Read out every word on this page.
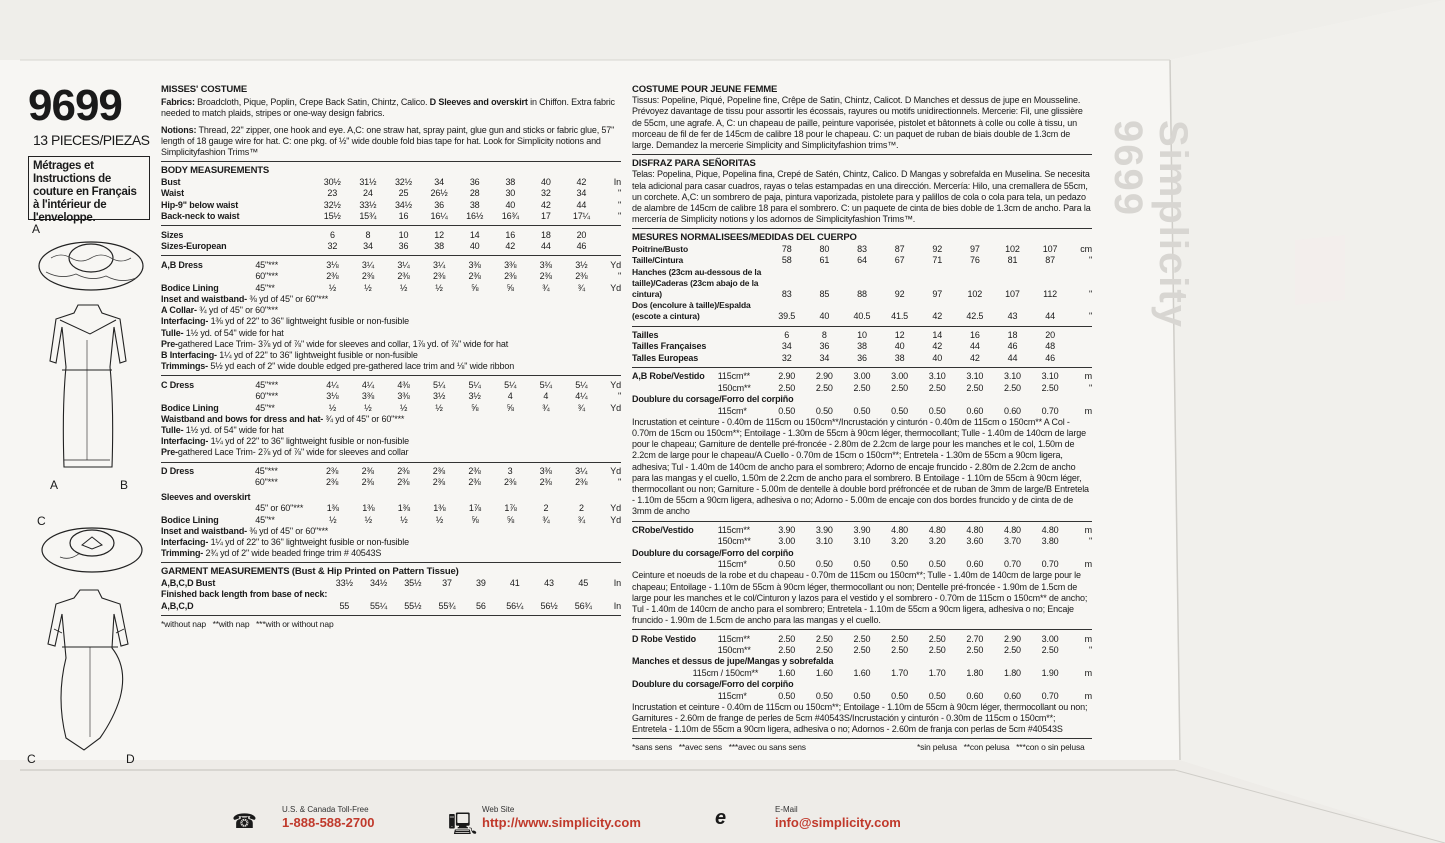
Simplicity 9699
9699
13 PIECES/PIEZAS
Métrages et Instructions de couture en Français à l'intérieur de l'enveloppe.
A
A	B
C
C	D
MISSES' COSTUME
Fabrics: Broadcloth, Pique, Poplin, Crepe Back Satin, Chintz, Calico. D Sleeves and overskirt in Chiffon. Extra fabric needed to match plaids, stripes or one-way design fabrics.
Notions: Thread, 22" zipper, one hook and eye. A,C: one straw hat, spray paint, glue gun and sticks or fabric glue, 57" length of 18 gauge wire for hat. C: one pkg. of ½" wide double fold bias tape for hat. Look for Simplicity notions and Simplicityfashion Trims™
BODY MEASUREMENTS
Bust	30½	31½	32½	34	36	38	40	42	In
Waist	23	24	25	26½	28	30	32	34	"
Hip-9" below waist	32½	33½	34½	36	38	40	42	44	"
Back-neck to waist	15½	15¾	16	16¼	16½	16¾	17	17¼	"
Sizes	6	8	10	12	14	16	18	20	
Sizes-European	32	34	36	38	40	42	44	46	
A,B Dress	45"***	3⅛	3¼	3¼	3¼	3⅜	3⅜	3⅜	3½	Yd
	60"***	2⅜	2⅜	2⅜	2⅜	2⅜	2⅜	2⅜	2⅜	"
Bodice Lining	45"**	½	½	½	½	⅝	⅝	¾	¾	Yd
Inset and waistband- ⅜ yd of 45" or 60"***
A Collar- ¾ yd of 45" or 60"***
Interfacing- 1⅜ yd of 22" to 36" lightweight fusible or non-fusible
Tulle- 1½ yd. of 54" wide for hat
Pre-gathered Lace Trim- 3⅞ yd of ⅞" wide for sleeves and collar, 1⅞ yd. of ⅞" wide for hat
B Interfacing- 1¼ yd of 22" to 36" lightweight fusible or non-fusible
Trimmings- 5½ yd each of 2" wide double edged pre-gathered lace trim and ⅛" wide ribbon
C Dress	45"***	4¼	4¼	4⅜	5¼	5¼	5¼	5¼	5¼	Yd
	60"***	3⅛	3⅜	3⅜	3½	3½	4	4	4¼	"
Bodice Lining	45"**	½	½	½	½	⅝	⅝	¾	¾	Yd
Waistband and bows for dress and hat- ¾ yd of 45" or 60"***
Tulle- 1½ yd. of 54" wide for hat
Interfacing- 1¼ yd of 22" to 36" lightweight fusible or non-fusible
Pre-gathered Lace Trim- 2⅞ yd of ⅞" wide for sleeves and collar
D Dress	45"***	2⅜	2⅜	2⅜	2⅜	2⅜	3	3⅜	3¼	Yd
	60"***	2⅜	2⅜	2⅜	2⅜	2⅜	2⅜	2⅜	2⅜	"
Sleeves and overskirt
	45" or 60"***	1⅜	1⅜	1⅜	1⅜	1⅞	1⅞	2	2	Yd
Bodice Lining	45"**	½	½	½	½	⅝	⅝	¾	¾	Yd
Inset and waistband- ⅜ yd of 45" or 60"***
Interfacing- 1¼ yd of 22" to 36" lightweight fusible or non-fusible
Trimming- 2¾ yd of 2" wide beaded fringe trim # 40543S
GARMENT MEASUREMENTS (Bust & Hip Printed on Pattern Tissue)
A,B,C,D Bust	33½	34½	35½	37	39	41	43	45	In
Finished back length from base of neck:									
A,B,C,D	55	55¼	55½	55¾	56	56¼	56½	56¾	In
*without nap   **with nap   ***with or without nap
COSTUME POUR JEUNE FEMME
Tissus: Popeline, Piqué, Popeline fine, Crêpe de Satin, Chintz, Calicot. D Manches et dessus de jupe en Mousseline. Prévoyez davantage de tissu pour assortir les écossais, rayures ou motifs unidirectionnels. Mercerie: Fil, une glissière de 55cm, une agrafe. A, C: un chapeau de paille, peinture vaporisée, pistolet et bâtonnets à colle ou colle à tissu, un morceau de fil de fer de 145cm de calibre 18 pour le chapeau. C: un paquet de ruban de biais double de 1.3cm de large. Demandez la mercerie Simplicity and Simplicityfashion trims™.
DISFRAZ PARA SEÑORITAS
Telas: Popelina, Pique, Popelina fina, Crepé de Satén, Chintz, Calico. D Mangas y sobrefalda en Muselina. Se necesita tela adicional para casar cuadros, rayas o telas estampadas en una dirección. Mercería: Hilo, una cremallera de 55cm, un corchete. A,C: un sombrero de paja, pintura vaporizada, pistolete para y palillos de cola o cola para tela, un pedazo de alambre de 145cm de calibre 18 para el sombrero. C: un paquete de cinta de bies doble de 1.3cm de ancho. Para la mercería de Simplicity notions y los adornos de Simplicityfashion Trims™.
MESURES NORMALISEES/MEDIDAS DEL CUERPO
Poitrine/Busto	78	80	83	87	92	97	102	107	cm
Taille/Cintura	58	61	64	67	71	76	81	87	"
Hanches (23cm au-dessous de la taille)/Caderas (23cm abajo de la cintura)	83	85	88	92	97	102	107	112	"
Dos (encolure à taille)/Espalda (escote a cintura)	39.5	40	40.5	41.5	42	42.5	43	44	"
Tailles	6	8	10	12	14	16	18	20	
Tailles Françaises	34	36	38	40	42	44	46	48	
Talles Europeas	32	34	36	38	40	42	44	46	
A,B Robe/Vestido	115cm**	2.90	2.90	3.00	3.00	3.10	3.10	3.10	3.10	m
	150cm**	2.50	2.50	2.50	2.50	2.50	2.50	2.50	2.50	"
Doublure du corsage/Forro del corpiño
	115cm*	0.50	0.50	0.50	0.50	0.50	0.60	0.60	0.70	m
Incrustation et ceinture - 0.40m de 115cm ou 150cm**/Incrustación y cinturón - 0.40m de 115cm o 150cm** A Col - 0.70m de 15cm ou 150cm**; Entoilage - 1.30m de 55cm à 90cm léger, thermocollant; Tulle - 1.40m de 140cm de large pour le chapeau; Garniture de dentelle pré-froncée - 2.80m de 2.2cm de large pour les manches et le col, 1.50m de 2.2cm de large pour le chapeau/A Cuello - 0.70m de 15cm o 150cm**; Entretela - 1.30m de 55cm a 90cm ligera, adhesiva; Tul - 1.40m de 140cm de ancho para el sombrero; Adorno de encaje fruncido - 2.80m de 2.2cm de ancho para las mangas y el cuello, 1.50m de 2.2cm de ancho para el sombrero. B Entoilage - 1.10m de 55cm à 90cm léger, thermocollant ou non; Garniture - 5.00m de dentelle à double bord préfroncée et de ruban de 3mm de large/B Entretela - 1.10m de 55cm a 90cm ligera, adhesiva o no; Adorno - 5.00m de encaje con dos bordes fruncido y de cinta de de 3mm de ancho
CRobe/Vestido	115cm**	3.90	3.90	3.90	4.80	4.80	4.80	4.80	4.80	m
	150cm**	3.00	3.10	3.10	3.20	3.20	3.60	3.70	3.80	"
Doublure du corsage/Forro del corpiño
	115cm*	0.50	0.50	0.50	0.50	0.50	0.60	0.70	0.70	m
Ceinture et noeuds de la robe et du chapeau - 0.70m de 115cm ou 150cm**; Tulle - 1.40m de 140cm de large pour le chapeau; Entoilage - 1.10m de 55cm à 90cm léger, thermocollant ou non; Dentelle pré-froncée - 1.90m de 1.5cm de large pour les manches et le col/Cinturon y lazos para el vestido y el sombrero - 0.70m de 115cm o 150cm** de ancho; Tul - 1.40m de 140cm de ancho para el sombrero; Entretela - 1.10m de 55cm a 90cm ligera, adhesiva o no; Encaje fruncido - 1.90m de 1.5cm de ancho para las mangas y el cuello.
D Robe Vestido	115cm**	2.50	2.50	2.50	2.50	2.50	2.70	2.90	3.00	m
	150cm**	2.50	2.50	2.50	2.50	2.50	2.50	2.50	2.50	"
Manches et dessus de jupe/Mangas y sobrefalda
	115cm / 150cm**	1.60	1.60	1.60	1.70	1.70	1.80	1.80	1.90	m
Doublure du corsage/Forro del corpiño
	115cm*	0.50	0.50	0.50	0.50	0.50	0.60	0.60	0.70	m
Incrustation et ceinture - 0.40m de 115cm ou 150cm**; Entoilage - 1.10m de 55cm à 90cm léger, thermocollant ou non; Garnitures - 2.60m de frange de perles de 5cm #40543S/Incrustación y cinturón - 0.30m de 115cm o 150cm**; Entretela - 1.10m de 55cm a 90cm ligera, adhesiva o no; Adornos - 2.60m de franja con perlas de 5cm #40543S
*sans sens   **avec sens   ***avec ou sans sens	*sin pelusa   **con pelusa   ***con o sin pelusa
☎
U.S. & Canada Toll-Free
1-888-588-2700	🖳
Web Site
http://www.simplicity.com	e	E-Mail
info@simplicity.com
